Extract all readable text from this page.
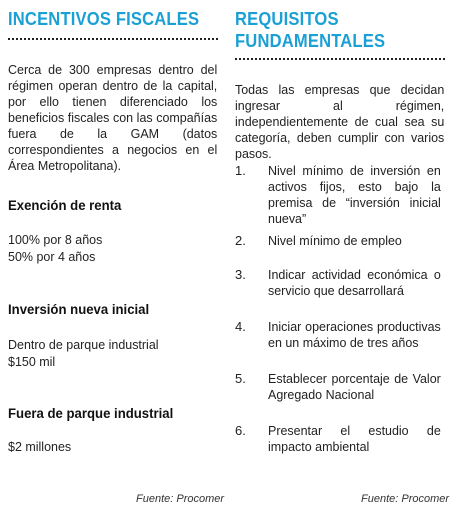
INCENTIVOS FISCALES
Cerca de 300 empresas dentro del régimen operan dentro de la capital, por ello tienen diferenciado los beneficios fiscales con las compañías fuera de la GAM (datos correspondientes a negocios en el Área Metropolitana).
Exención de renta
100% por 8 años
50% por 4 años
Inversión nueva inicial
Dentro de parque industrial
$150 mil
Fuera de parque industrial
$2 millones
Fuente: Procomer
REQUISITOS
FUNDAMENTALES
Todas las empresas que decidan ingresar al régimen, independientemente de cual sea su categoría, deben cumplir con varios pasos.
1. Nivel mínimo de inversión en activos fijos, esto bajo la premisa de “inversión inicial nueva”
2. Nivel mínimo de empleo
3. Indicar actividad económica o servicio que desarrollará
4. Iniciar operaciones productivas en un máximo de tres años
5. Establecer porcentaje de Valor Agregado Nacional
6. Presentar el estudio de impacto ambiental
Fuente: Procomer
